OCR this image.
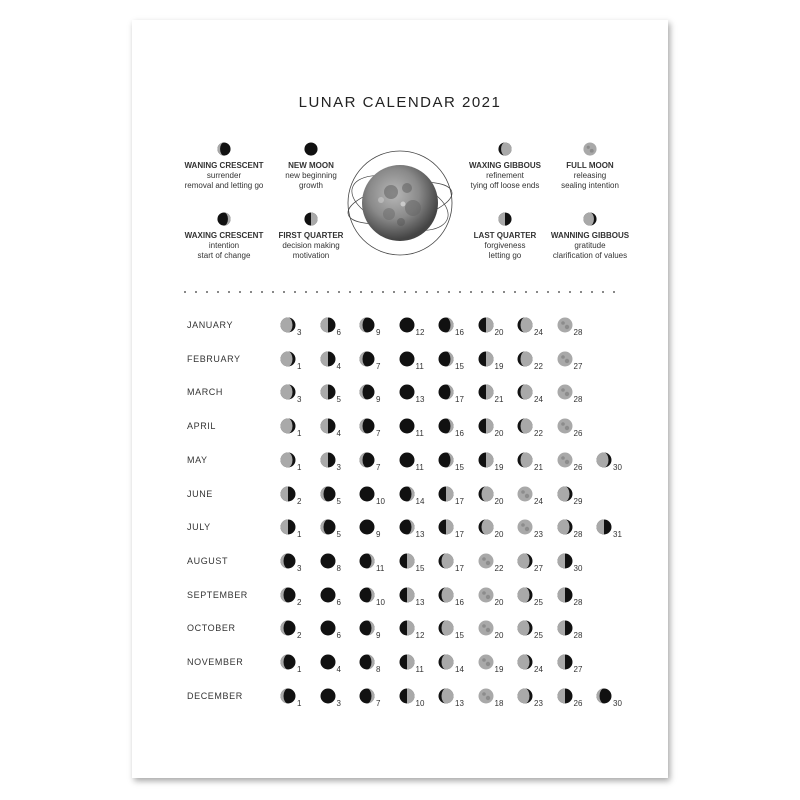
LUNAR CALENDAR 2021
WANING CRESCENT
surrender
removal and letting go
NEW MOON
new beginning
growth
WAXING GIBBOUS
refinement
tying off loose ends
FULL MOON
releasing
sealing intention
WAXING CRESCENT
intention
start of change
FIRST QUARTER
decision making
motivation
LAST QUARTER
forgiveness
letting go
WANNING GIBBOUS
gratitude
clarification of values
JANUARY
3	6	9	12	16	20	24	28
FEBRUARY
1	4	7	11	15	19	22	27
MARCH
3	5	9	13	17	21	24	28
APRIL
1	4	7	11	16	20	22	26
MAY
1	3	7	11	15	19	21	26	30
JUNE
2	5	10	14	17	20	24	29
JULY
1	5	9	13	17	20	23	28	31
AUGUST
3	8	11	15	17	22	27	30
SEPTEMBER
2	6	10	13	16	20	25	28
OCTOBER
2	6	9	12	15	20	25	28
NOVEMBER
1	4	8	11	14	19	24	27
DECEMBER
1	3	7	10	13	18	23	26	30
